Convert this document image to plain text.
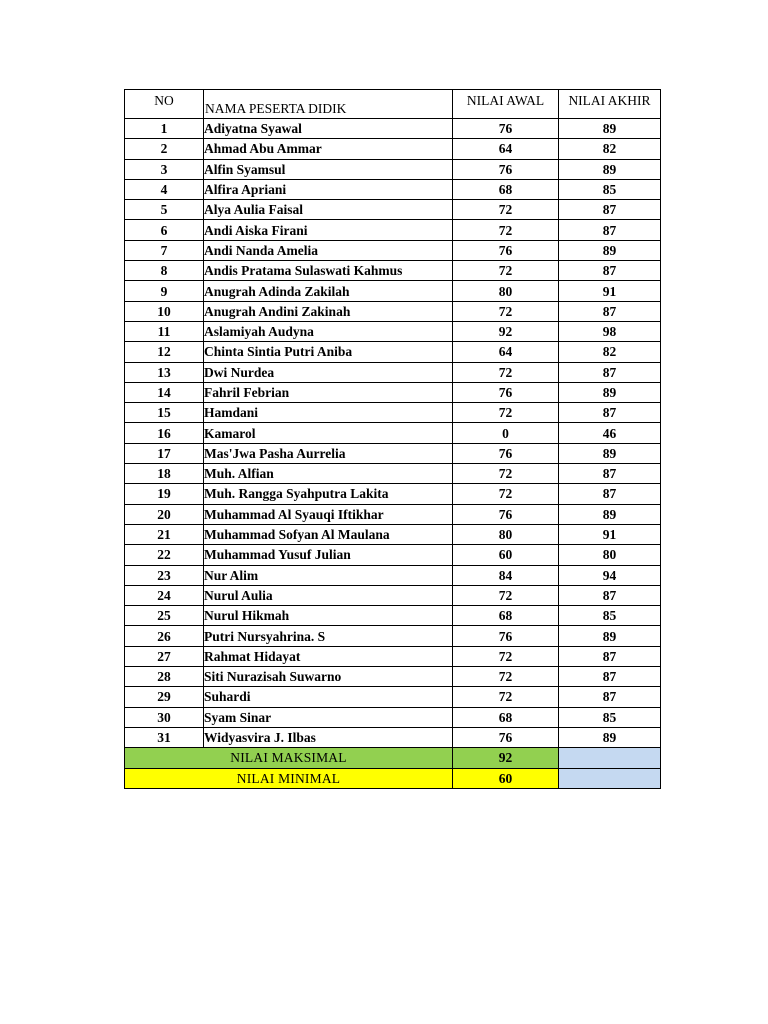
NO	NAMA PESERTA DIDIK	NILAI AWAL	NILAI AKHIR
1	Adiyatna Syawal	76	89
2	Ahmad Abu Ammar	64	82
3	Alfin Syamsul	76	89
4	Alfira Apriani	68	85
5	Alya Aulia Faisal	72	87
6	Andi Aiska Firani	72	87
7	Andi Nanda Amelia	76	89
8	Andis Pratama Sulaswati Kahmus	72	87
9	Anugrah Adinda Zakilah	80	91
10	Anugrah Andini Zakinah	72	87
11	Aslamiyah Audyna	92	98
12	Chinta Sintia Putri Aniba	64	82
13	Dwi Nurdea	72	87
14	Fahril Febrian	76	89
15	Hamdani	72	87
16	Kamarol	0	46
17	Mas'Jwa Pasha Aurrelia	76	89
18	Muh. Alfian	72	87
19	Muh. Rangga Syahputra Lakita	72	87
20	Muhammad Al Syauqi Iftikhar	76	89
21	Muhammad Sofyan Al Maulana	80	91
22	Muhammad Yusuf Julian	60	80
23	Nur Alim	84	94
24	Nurul Aulia	72	87
25	Nurul Hikmah	68	85
26	Putri Nursyahrina. S	76	89
27	Rahmat Hidayat	72	87
28	Siti Nurazisah Suwarno	72	87
29	Suhardi	72	87
30	Syam Sinar	68	85
31	Widyasvira J. Ilbas	76	89
NILAI MAKSIMAL		92	
NILAI MINIMAL		60	
